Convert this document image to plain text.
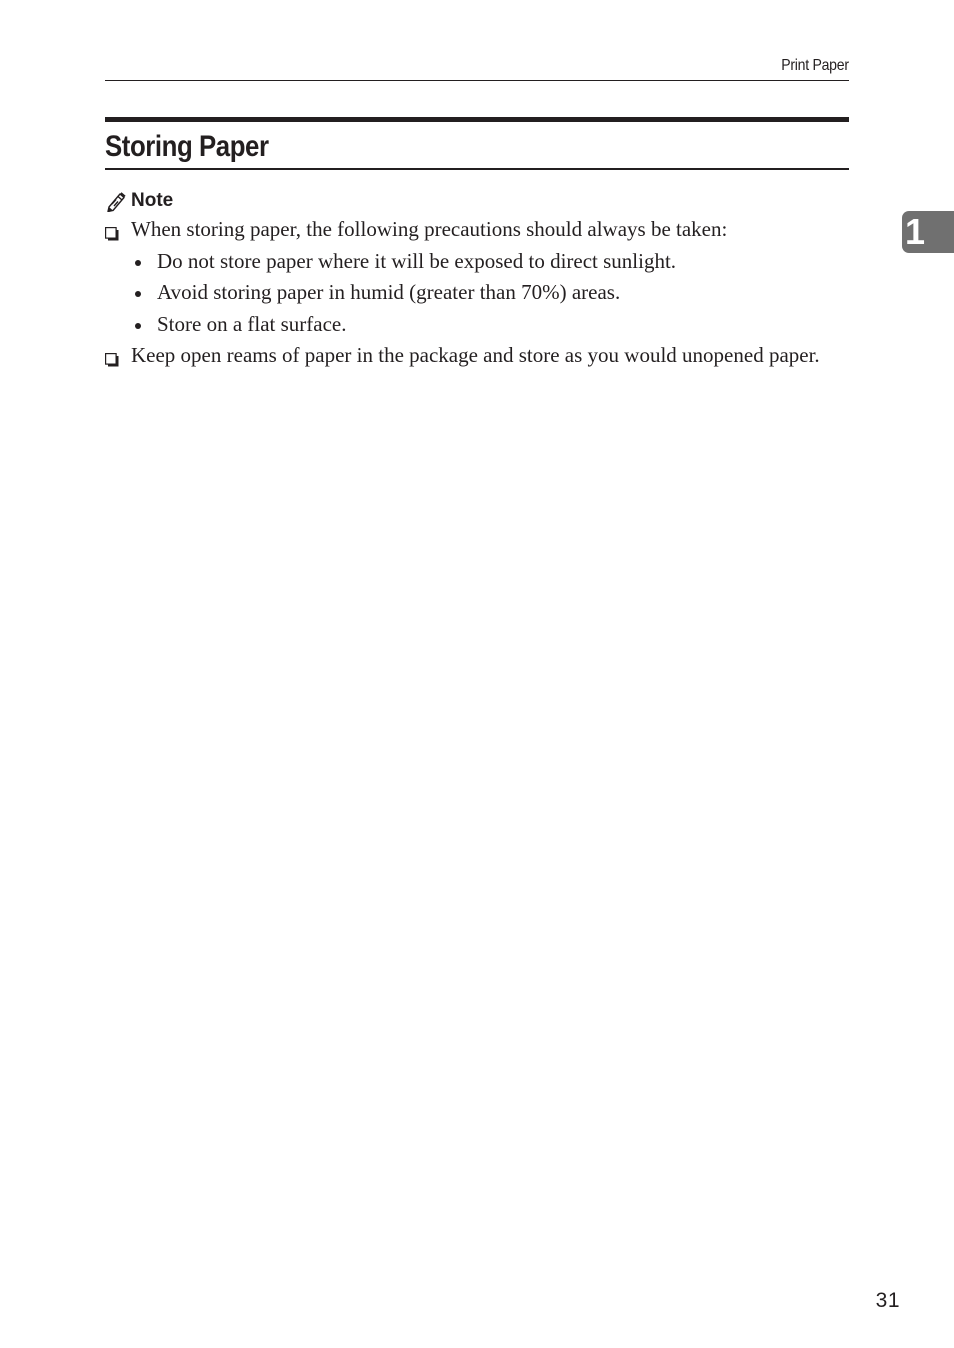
Print Paper
Storing Paper
Note
When storing paper, the following precautions should always be taken:
Do not store paper where it will be exposed to direct sunlight.
Avoid storing paper in humid (greater than 70%) areas.
Store on a flat surface.
Keep open reams of paper in the package and store as you would unopened paper.
1
31
